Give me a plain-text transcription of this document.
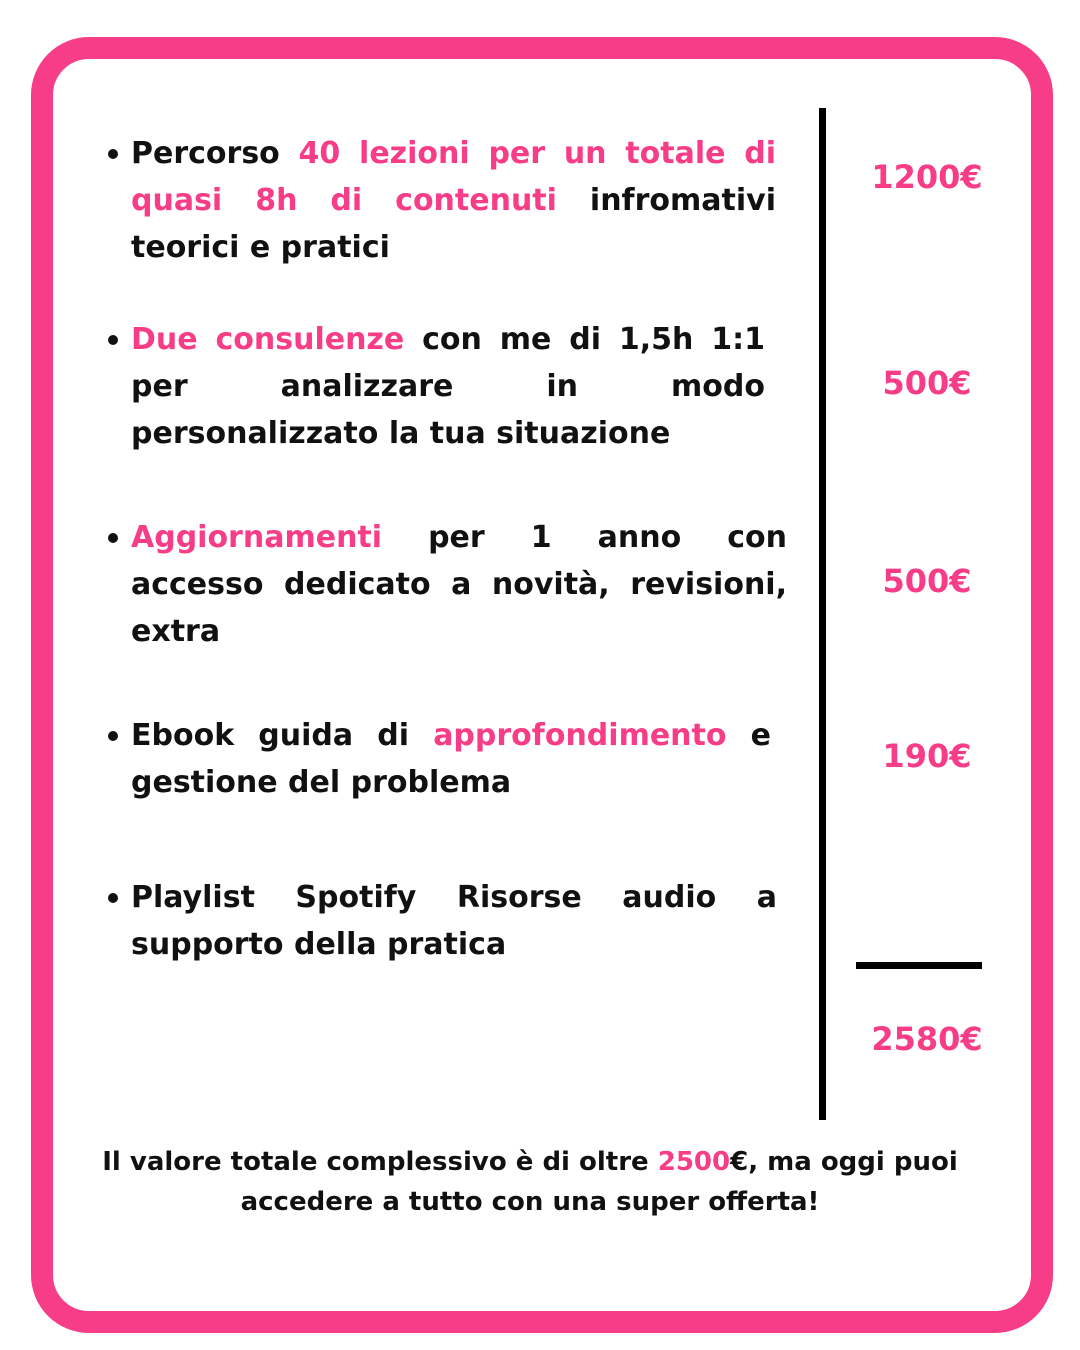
Percorso 40 lezioni per un totale di quasi 8h di contenuti infromativi teorici e pratici
1200€
Due consulenze con me di 1,5h 1:1 per analizzare in modo personalizzato la tua situazione
500€
Aggiornamenti per 1 anno con accesso dedicato a novità, revisioni, extra
500€
Ebook guida di approfondimento e gestione del problema
190€
Playlist Spotify Risorse audio a supporto della pratica
2580€
Il valore totale complessivo è di oltre 2500€, ma oggi puoi accedere a tutto con una super offerta!
